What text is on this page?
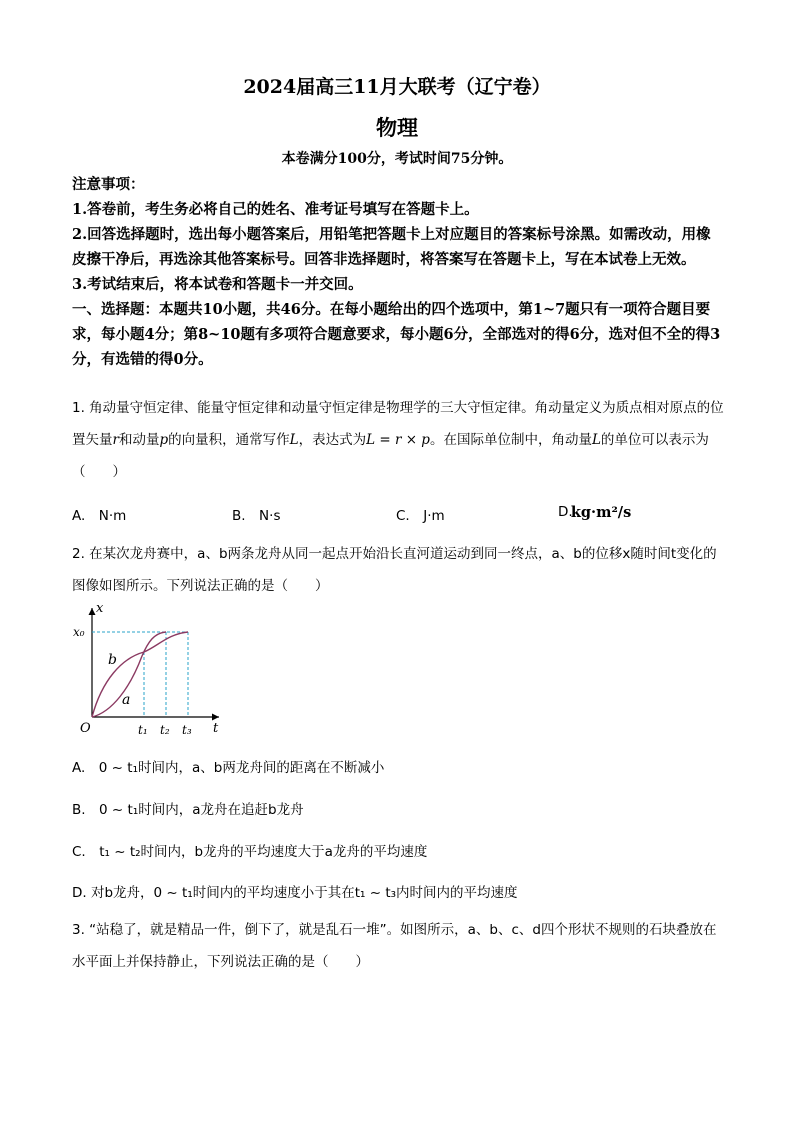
2024届高三11月大联考（辽宁卷）
物理
本卷满分100分，考试时间75分钟。
注意事项：
1.答卷前，考生务必将自己的姓名、准考证号填写在答题卡上。
2.回答选择题时，选出每小题答案后，用铅笔把答题卡上对应题目的答案标号涂黑。如需改动，用橡皮擦干净后，再选涂其他答案标号。回答非选择题时，将答案写在答题卡上，写在本试卷上无效。
3.考试结束后，将本试卷和答题卡一并交回。
一、选择题：本题共10小题，共46分。在每小题给出的四个选项中，第1~7题只有一项符合题目要求，每小题4分；第8~10题有多项符合题意要求，每小题6分，全部选对的得6分，选对但不全的得3分，有选错的得0分。
1. 角动量守恒定律、能量守恒定律和动量守恒定律是物理学的三大守恒定律。角动量定义为质点相对原点的位置矢量r和动量p的向量积，通常写作L，表达式为L = r × p。在国际单位制中，角动量L的单位可以表示为（　　）
A.　N·m	B.　N·s	C.　J·m	D.
kg·m²/s
2. 在某次龙舟赛中，a、b两条龙舟从同一起点开始沿长直河道运动到同一终点，a、b的位移x随时间t变化的图像如图所示。下列说法正确的是（　　）
x
t
x₀
O	t₁ t₂ t₃
b
a
A.　0 ~ t₁时间内，a、b两龙舟间的距离在不断减小
B.　0 ~ t₁时间内，a龙舟在追赶b龙舟
C.　t₁ ~ t₂时间内，b龙舟的平均速度大于a龙舟的平均速度
D. 对b龙舟，0 ~ t₁时间内的平均速度小于其在t₁ ~ t₃内时间内的平均速度
3. “站稳了，就是精品一件，倒下了，就是乱石一堆”。如图所示，a、b、c、d四个形状不规则的石块叠放在水平面上并保持静止，下列说法正确的是（　　）
